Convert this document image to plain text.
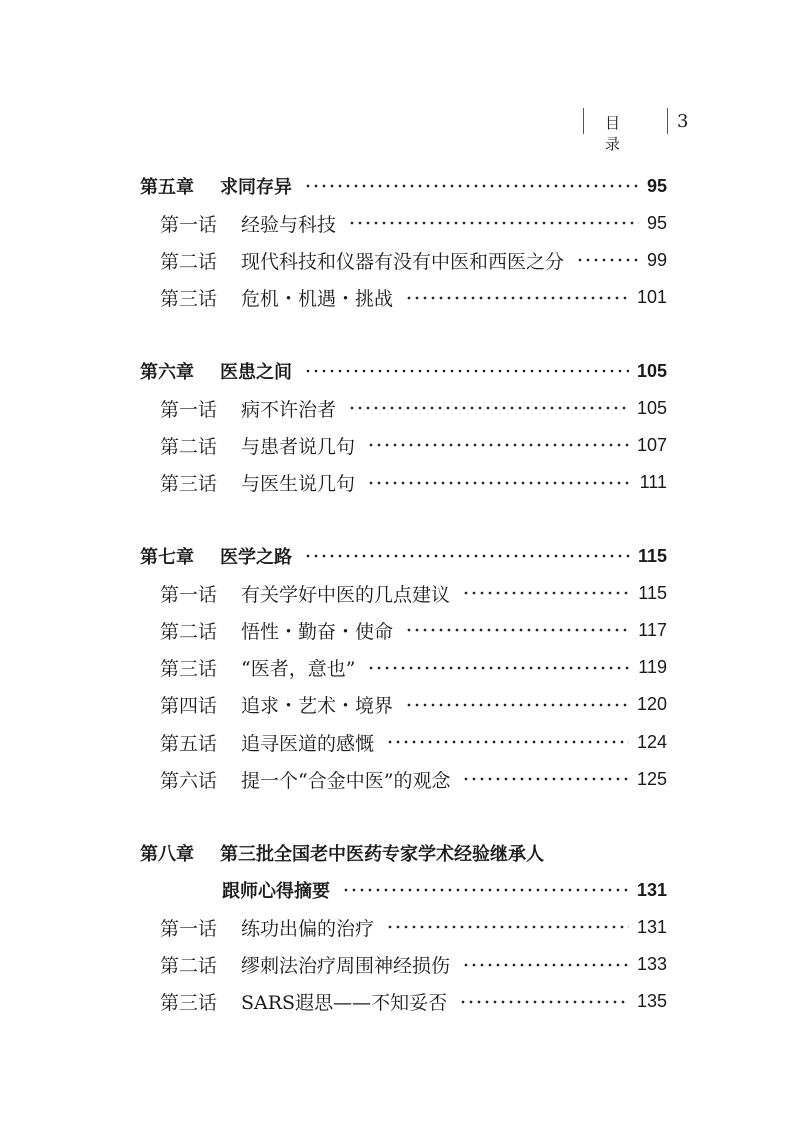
目 录
3
第五章 求同存异	95
第一话 经验与科技	95
第二话 现代科技和仪器有没有中医和西医之分	99
第三话 危机・机遇・挑战	101
第六章 医患之间	105
第一话 病不许治者	105
第二话 与患者说几句	107
第三话 与医生说几句	111
第七章 医学之路	115
第一话 有关学好中医的几点建议	115
第二话 悟性・勤奋・使命	117
第三话 “医者，意也”	119
第四话 追求・艺术・境界	120
第五话 追寻医道的感慨	124
第六话 提一个“合金中医”的观念	125
第八章 第三批全国老中医药专家学术经验继承人
跟师心得摘要	131
第一话 练功出偏的治疗	131
第二话 缪刺法治疗周围神经损伤	133
第三话 SARS遐思——不知妥否	135
